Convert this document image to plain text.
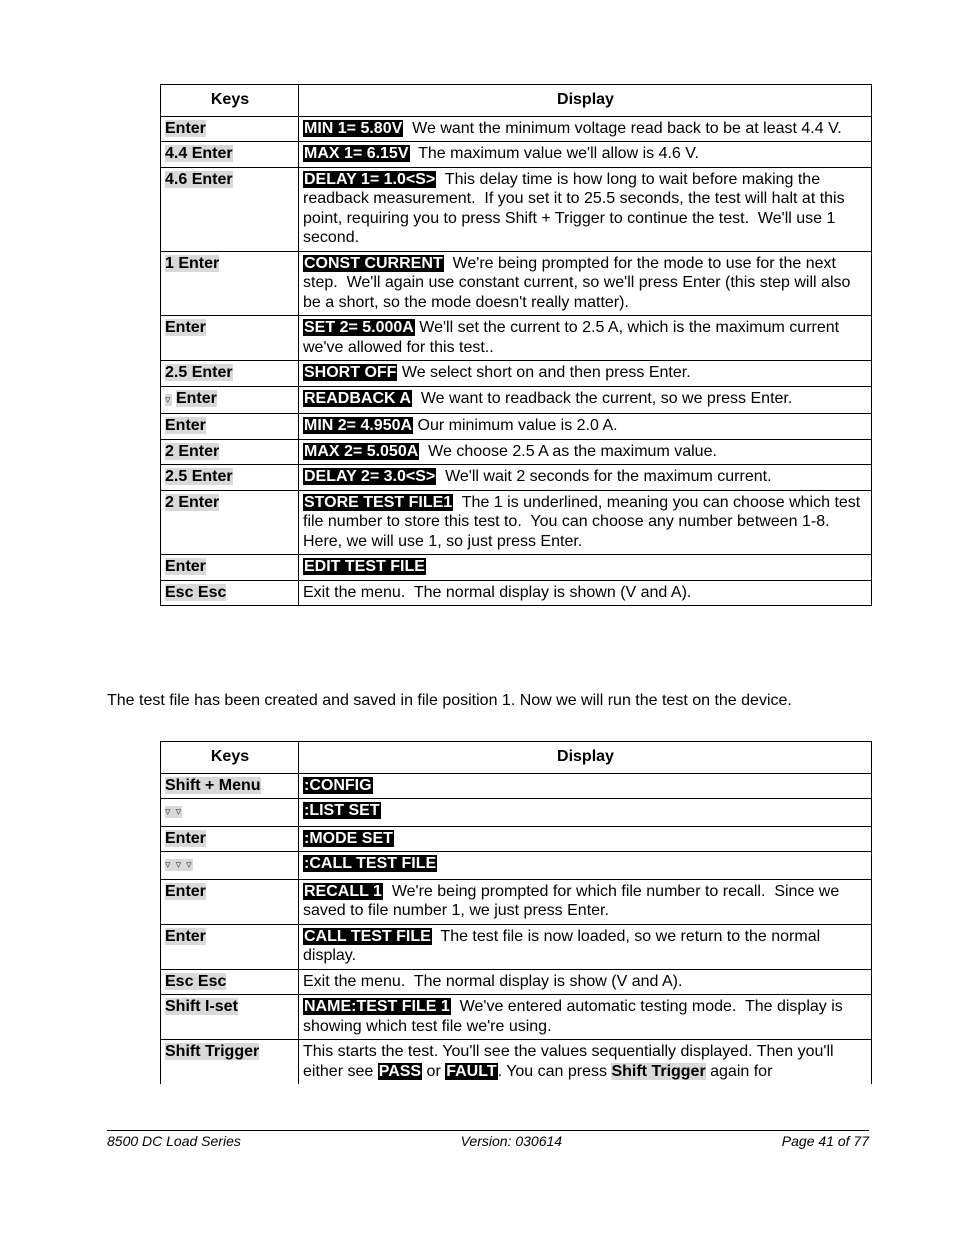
Keys	Display
Enter	MIN 1= 5.80V  We want the minimum voltage read back to be at least 4.4 V.
4.4 Enter	MAX 1= 6.15V  The maximum value we'll allow is 4.6 V.
4.6 Enter	DELAY 1= 1.0<S>  This delay time is how long to wait before making the readback measurement.  If you set it to 25.5 seconds, the test will halt at this point, requiring you to press Shift + Trigger to continue the test.  We'll use 1 second.
1 Enter	CONST CURRENT  We're being prompted for the mode to use for the next step.  We'll again use constant current, so we'll press Enter (this step will also be a short, so the mode doesn't really matter).
Enter	SET 2= 5.000A We'll set the current to 2.5 A, which is the maximum current we've allowed for this test..
2.5 Enter	SHORT OFF We select short on and then press Enter.
▿ Enter	READBACK A  We want to readback the current, so we press Enter.
Enter	MIN 2= 4.950A Our minimum value is 2.0 A.
2 Enter	MAX 2= 5.050A  We choose 2.5 A as the maximum value.
2.5 Enter	DELAY 2= 3.0<S>  We'll wait 2 seconds for the maximum current.
2 Enter	STORE TEST FILE1  The 1 is underlined, meaning you can choose which test file number to store this test to.  You can choose any number between 1-8.  Here, we will use 1, so just press Enter.
Enter	EDIT TEST FILE
Esc Esc	Exit the menu.  The normal display is shown (V and A).

The test file has been created and saved in file position 1. Now we will run the test on the device.

Keys	Display
Shift + Menu	:CONFIG
▿ ▿	:LIST SET
Enter	:MODE SET
▿ ▿ ▿	:CALL TEST FILE
Enter	RECALL 1  We're being prompted for which file number to recall.  Since we saved to file number 1, we just press Enter.
Enter	CALL TEST FILE  The test file is now loaded, so we return to the normal display.
Esc Esc	Exit the menu.  The normal display is show (V and A).
Shift I-set	NAME:TEST FILE 1  We've entered automatic testing mode.  The display is showing which test file we're using.
Shift Trigger	This starts the test. You'll see the values sequentially displayed. Then you'll either see PASS or FAULT. You can press Shift Trigger again for
8500 DC Load Series	Version: 030614	Page 41 of 77
